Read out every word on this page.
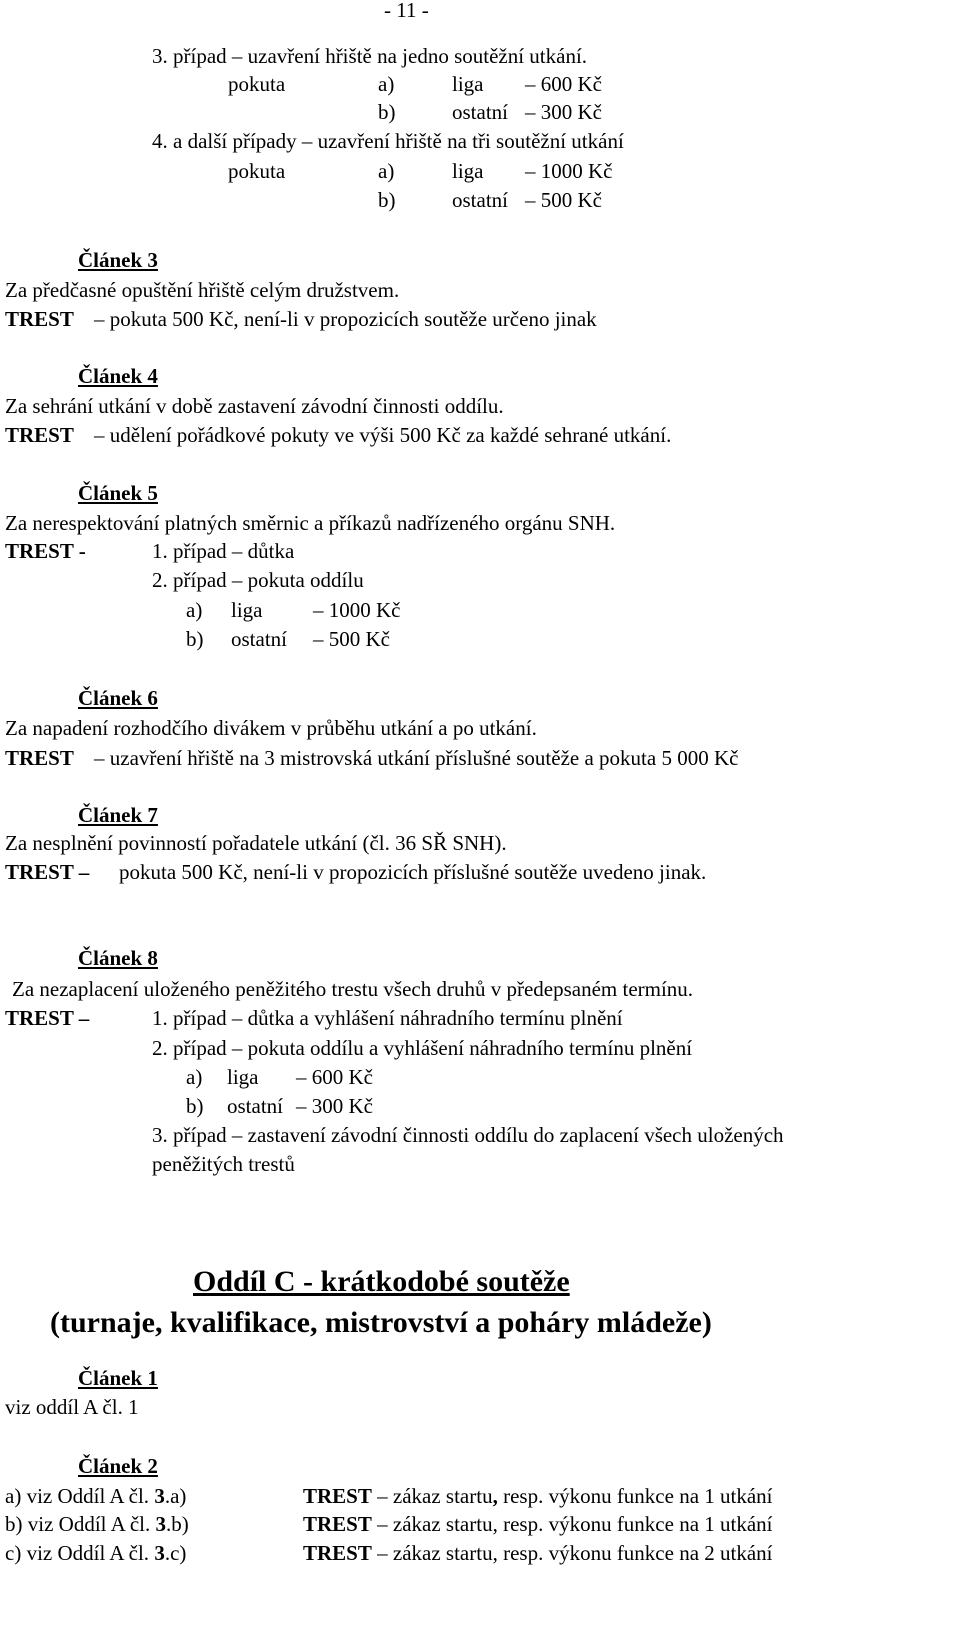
- 11 -
3. případ – uzavření hřiště na jedno soutěžní utkání.
pokuta	a)	liga – 600 Kč
b)	ostatní – 300 Kč
4. a další případy – uzavření hřiště na tři soutěžní utkání
pokuta	a)	liga – 1000 Kč
b)	ostatní – 500 Kč
Článek 3
Za předčasné opuštění hřiště celým družstvem.
TREST – pokuta 500 Kč, není-li v propozicích soutěže určeno jinak
Článek 4
Za sehrání utkání v době zastavení závodní činnosti oddílu.
TREST – udělení pořádkové pokuty ve výši 500 Kč za každé sehrané utkání.
Článek 5
Za nerespektování platných směrnic a příkazů nadřízeného orgánu SNH.
TREST -	1. případ – důtka
2. případ – pokuta oddílu
a) liga – 1000 Kč
b) ostatní – 500 Kč
Článek 6
Za napadení rozhodčího divákem v průběhu utkání a po utkání.
TREST – uzavření hřiště na 3 mistrovská utkání příslušné soutěže a pokuta 5 000 Kč
Článek 7
Za nesplnění povinností pořadatele utkání (čl. 36 SŘ SNH).
TREST – pokuta 500 Kč, není-li v propozicích příslušné soutěže uvedeno jinak.
Článek 8
Za nezaplacení uloženého peněžitého trestu všech druhů v předepsaném termínu.
TREST –	1. případ – důtka a vyhlášení náhradního termínu plnění
2. případ – pokuta oddílu a vyhlášení náhradního termínu plnění
a) liga – 600 Kč
b) ostatní – 300 Kč
3. případ – zastavení závodní činnosti oddílu do zaplacení všech uložených
peněžitých trestů
Oddíl C - krátkodobé soutěže
(turnaje, kvalifikace, mistrovství a poháry mládeže)
Článek 1
viz oddíl A čl. 1
Článek 2
a) viz Oddíl A čl. 3.a)	TREST – zákaz startu, resp. výkonu funkce na 1 utkání
b) viz Oddíl A čl. 3.b)	TREST – zákaz startu, resp. výkonu funkce na 1 utkání
c) viz Oddíl A čl. 3.c)	TREST – zákaz startu, resp. výkonu funkce na 2 utkání
